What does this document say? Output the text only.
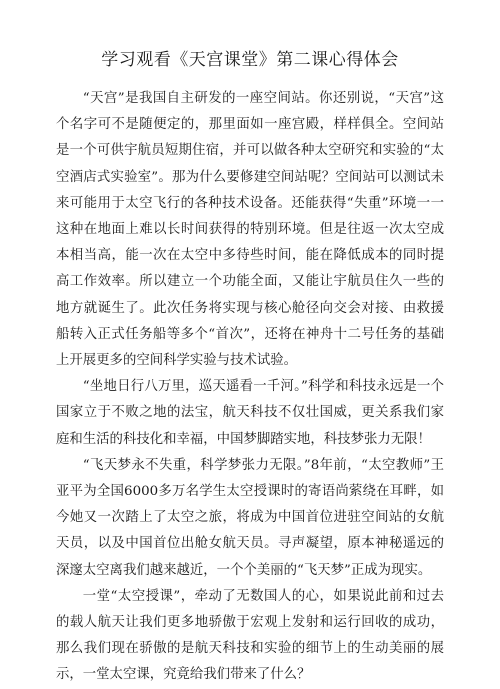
学习观看《天宫课堂》第二课心得体会

“天宫”是我国自主研发的一座空间站。你还别说，“天宫”这个名字可不是随便定的，那里面如一座宫殿，样样俱全。空间站是一个可供宇航员短期住宿，并可以做各种太空研究和实验的“太空酒店式实验室”。那为什么要修建空间站呢？空间站可以测试未来可能用于太空飞行的各种技术设备。还能获得“失重”环境一一这种在地面上难以长时间获得的特别环境。但是往返一次太空成本相当高，能一次在太空中多待些时间，能在降低成本的同时提高工作效率。所以建立一个功能全面，又能让宇航员住久一些的地方就诞生了。此次任务将实现与核心舱径向交会对接、由救援船转入正式任务船等多个“首次”，还将在神舟十二号任务的基础上开展更多的空间科学实验与技术试验。

“坐地日行八万里，巡天遥看一千河。”科学和科技永远是一个国家立于不败之地的法宝，航天科技不仅壮国威，更关系我们家庭和生活的科技化和幸福，中国梦脚踏实地，科技梦张力无限！

“飞天梦永不失重，科学梦张力无限。”8年前，“太空教师”王亚平为全国6000多万名学生太空授课时的寄语尚萦绕在耳畔，如今她又一次踏上了太空之旅，将成为中国首位进驻空间站的女航天员，以及中国首位出舱女航天员。寻声凝望，原本神秘遥远的深邃太空离我们越来越近，一个个美丽的“飞天梦”正成为现实。

一堂“太空授课”，牵动了无数国人的心，如果说此前和过去的载人航天让我们更多地骄傲于宏观上发射和运行回收的成功，那么我们现在骄傲的是航天科技和实验的细节上的生动美丽的展示，一堂太空课，究竟给我们带来了什么？
